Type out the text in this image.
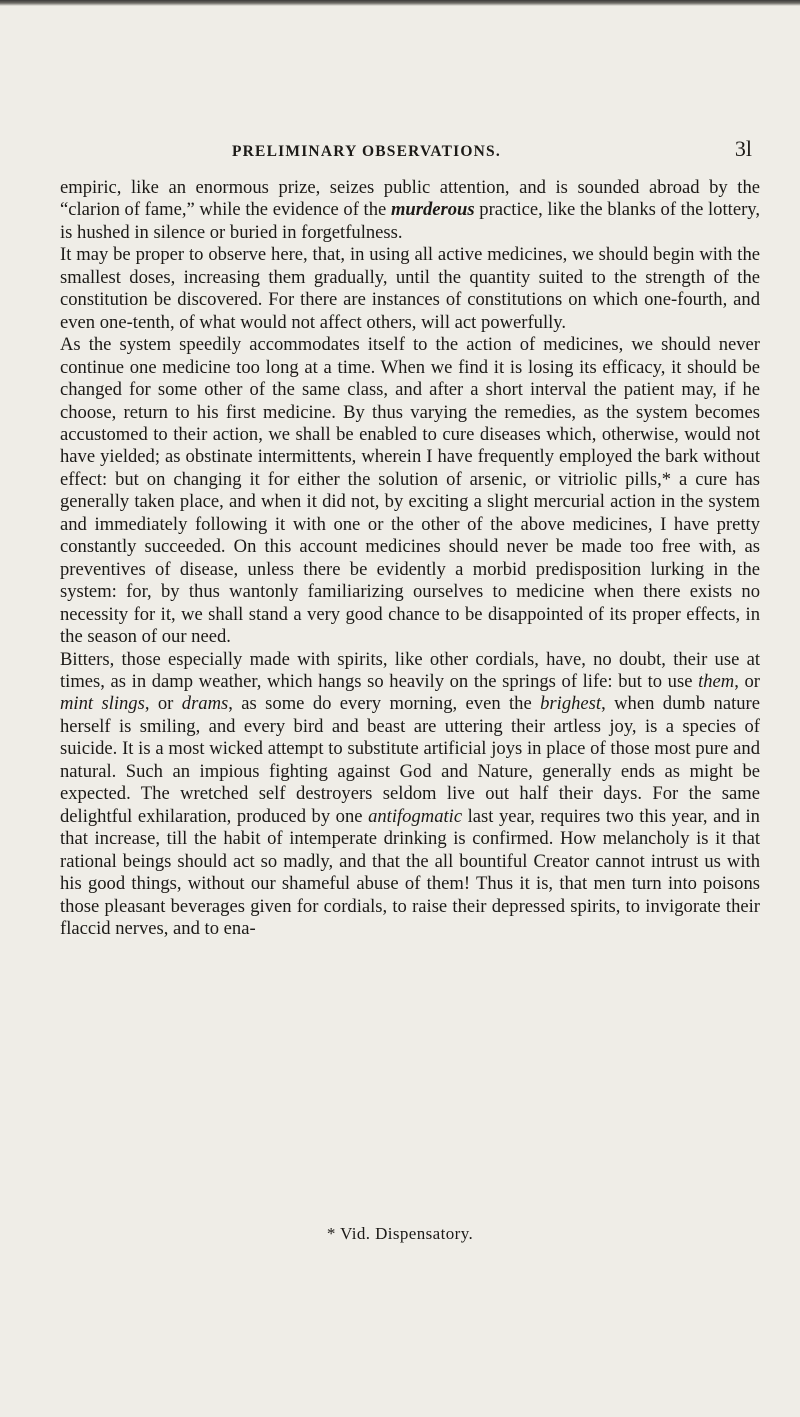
PRELIMINARY OBSERVATIONS.	3l

empiric, like an enormous prize, seizes public attention, and is sounded abroad by the “clarion of fame,” while the evidence of the murderous practice, like the blanks of the lottery, is hushed in silence or buried in forgetfulness.

It may be proper to observe here, that, in using all active medicines, we should begin with the smallest doses, increasing them gradually, until the quantity suited to the strength of the constitution be discovered. For there are instances of constitutions on which one-fourth, and even one-tenth, of what would not affect others, will act powerfully.

As the system speedily accommodates itself to the action of medicines, we should never continue one medicine too long at a time. When we find it is losing its efficacy, it should be changed for some other of the same class, and after a short interval the patient may, if he choose, return to his first medicine. By thus varying the remedies, as the system becomes accustomed to their action, we shall be enabled to cure diseases which, otherwise, would not have yielded; as obstinate intermittents, wherein I have frequently employed the bark without effect: but on changing it for either the solution of arsenic, or vitriolic pills,* a cure has generally taken place, and when it did not, by exciting a slight mercurial action in the system and immediately following it with one or the other of the above medicines, I have pretty constantly succeeded. On this account medicines should never be made too free with, as preventives of disease, unless there be evidently a morbid predisposition lurking in the system: for, by thus wantonly familiarizing ourselves to medicine when there exists no necessity for it, we shall stand a very good chance to be disappointed of its proper effects, in the season of our need.

Bitters, those especially made with spirits, like other cordials, have, no doubt, their use at times, as in damp weather, which hangs so heavily on the springs of life: but to use them, or mint slings, or drams, as some do every morning, even the brighest, when dumb nature herself is smiling, and every bird and beast are uttering their artless joy, is a species of suicide. It is a most wicked attempt to substitute artificial joys in place of those most pure and natural. Such an impious fighting against God and Nature, generally ends as might be expected. The wretched self destroyers seldom live out half their days. For the same delightful exhilaration, produced by one antifogmatic last year, requires two this year, and in that increase, till the habit of intemperate drinking is confirmed. How melancholy is it that rational beings should act so madly, and that the all bountiful Creator cannot intrust us with his good things, without our shameful abuse of them! Thus it is, that men turn into poisons those pleasant beverages given for cordials, to raise their depressed spirits, to invigorate their flaccid nerves, and to ena-

* Vid. Dispensatory.
